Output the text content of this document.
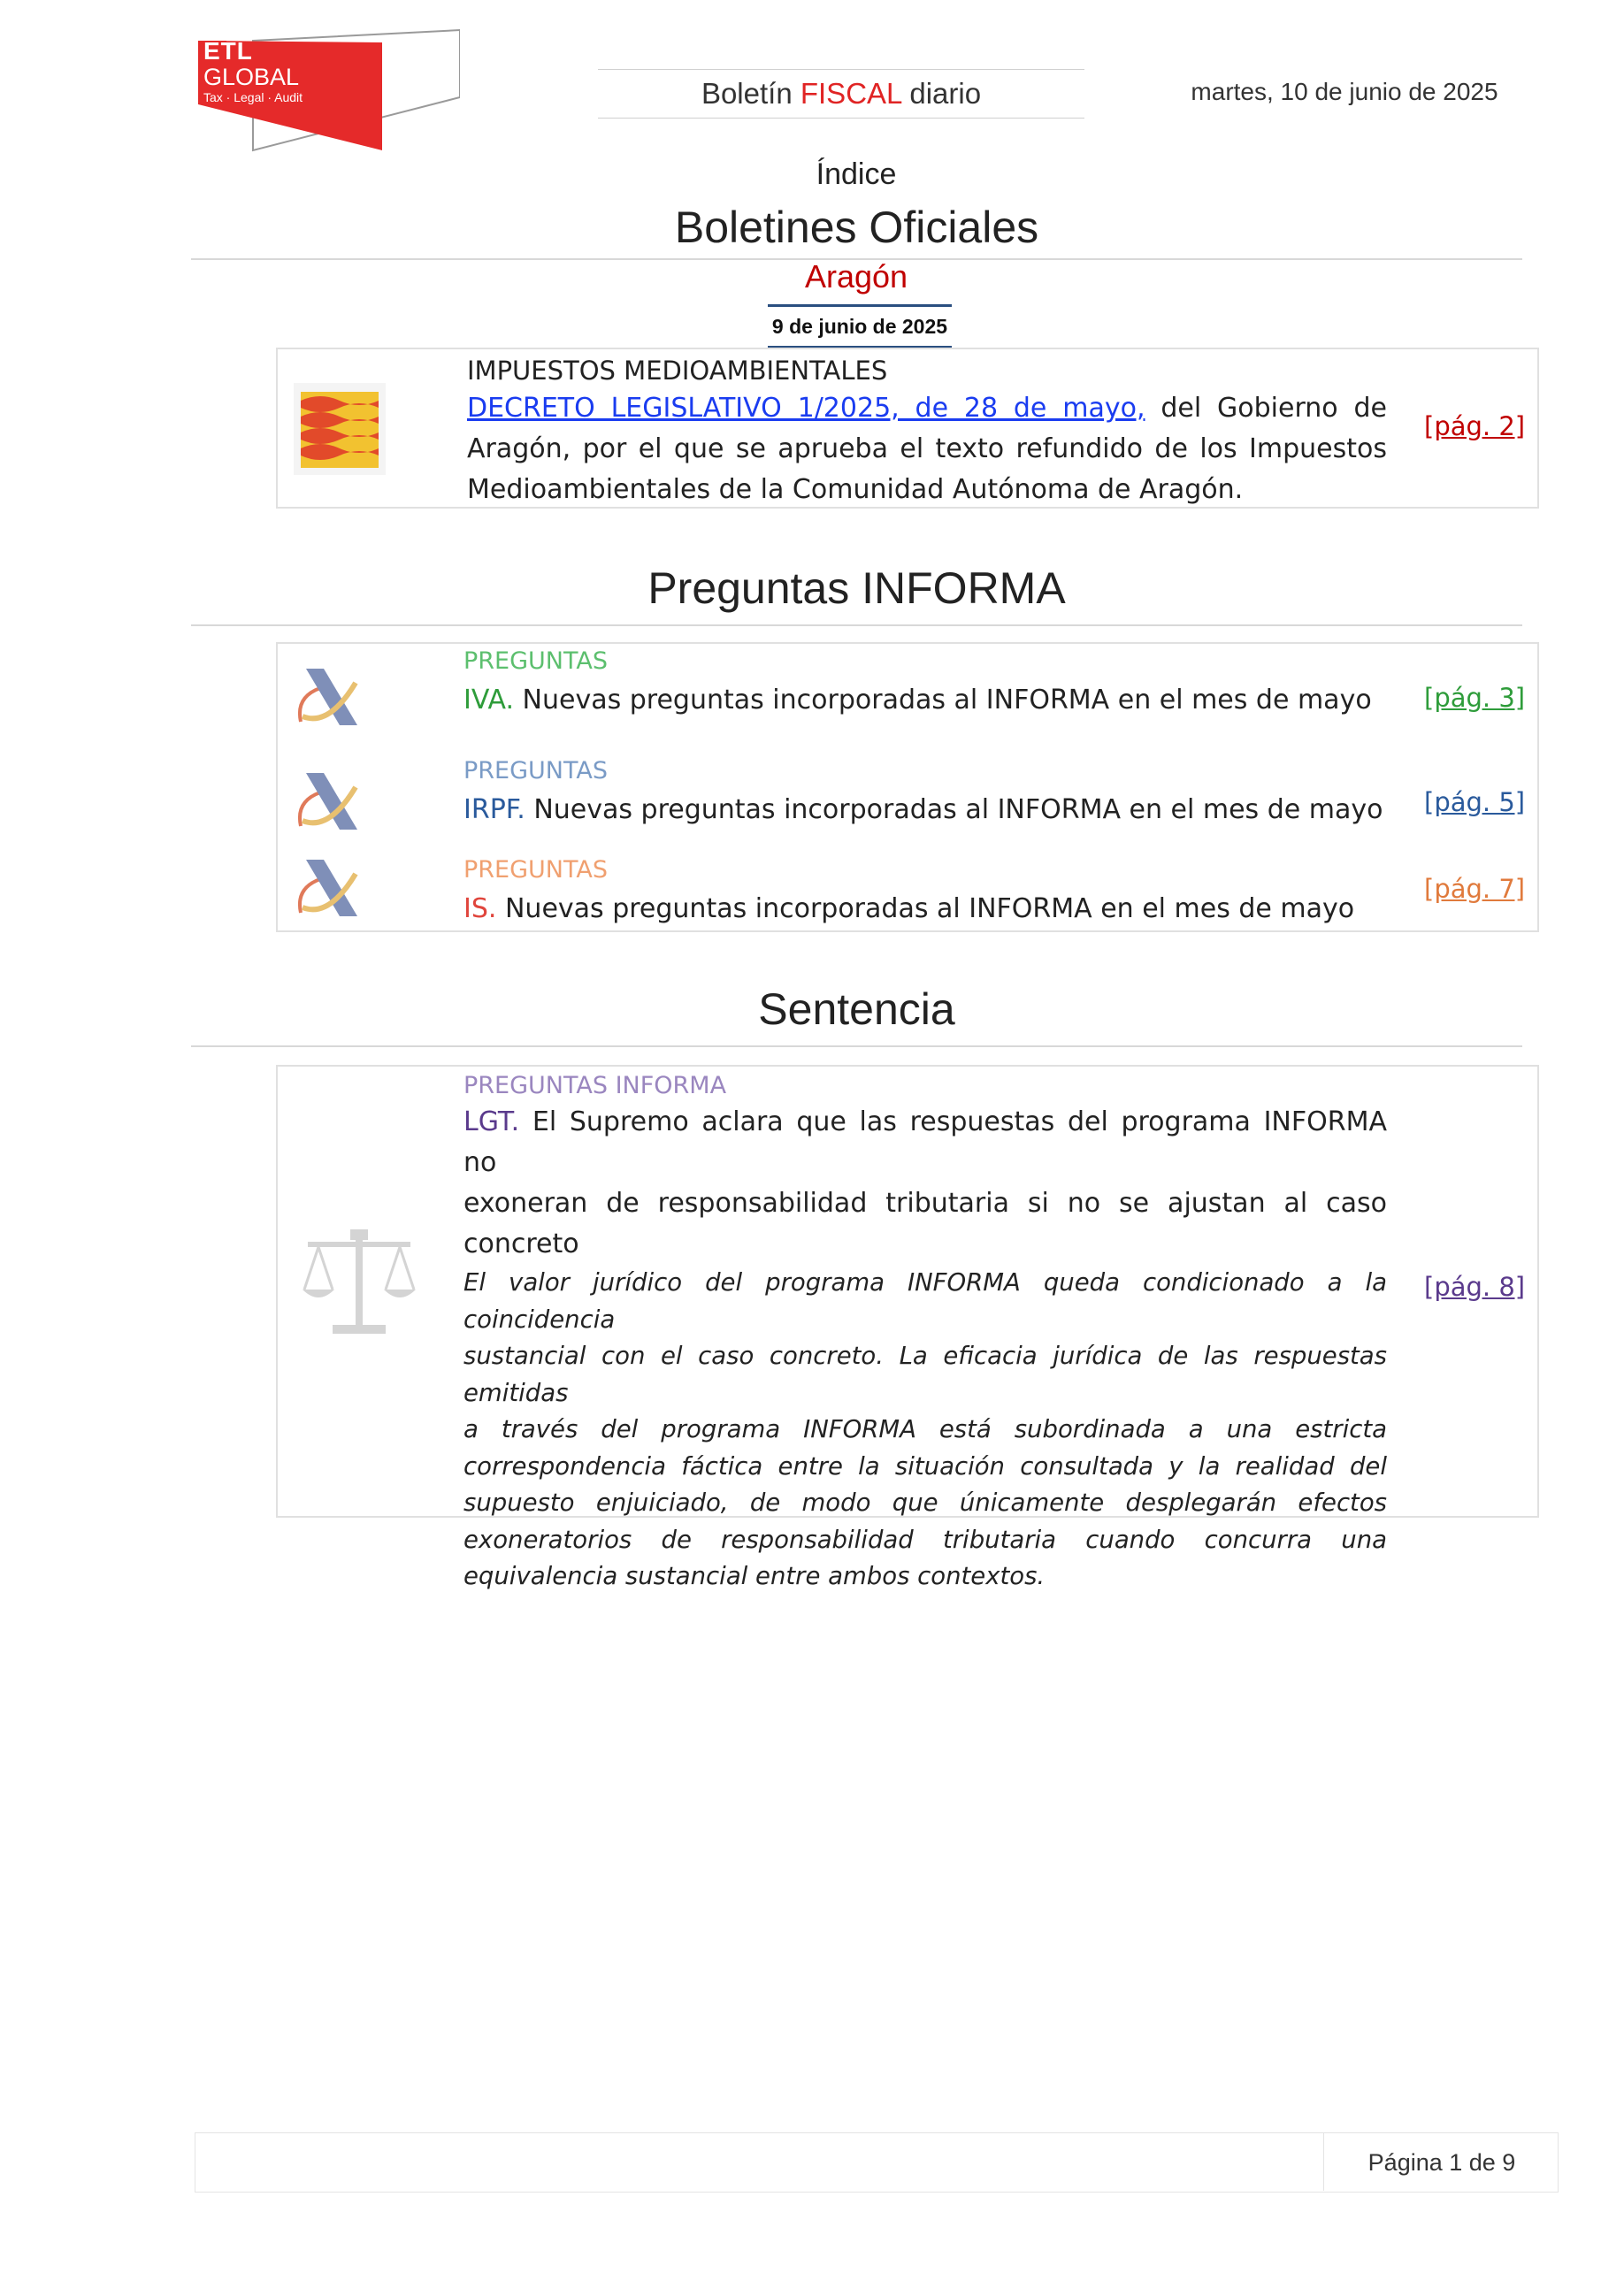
ETL
GLOBAL
Tax · Legal · Audit	Boletín FISCAL diario	martes, 10 de junio de 2025
Índice
Boletines Oficiales
Aragón
9 de junio de 2025
IMPUESTOS MEDIOAMBIENTALES
DECRETO LEGISLATIVO 1/2025, de 28 de mayo, del Gobierno de
Aragón, por el que se aprueba el texto refundido de los Impuestos
Medioambientales de la Comunidad Autónoma de Aragón.
[pág. 2]
Preguntas INFORMA
PREGUNTAS
IVA. Nuevas preguntas incorporadas al INFORMA en el mes de mayo [pág. 3]
PREGUNTAS
IRPF. Nuevas preguntas incorporadas al INFORMA en el mes de mayo [pág. 5]
PREGUNTAS
IS. Nuevas preguntas incorporadas al INFORMA en el mes de mayo
[pág. 7]
Sentencia
PREGUNTAS INFORMA
LGT. El Supremo aclara que las respuestas del programa INFORMA no
exoneran de responsabilidad tributaria si no se ajustan al caso
concreto
El valor jurídico del programa INFORMA queda condicionado a la coincidencia
sustancial con el caso concreto. La eficacia jurídica de las respuestas emitidas
a través del programa INFORMA está subordinada a una estricta
correspondencia fáctica entre la situación consultada y la realidad del
supuesto enjuiciado, de modo que únicamente desplegarán efectos
exoneratorios de responsabilidad tributaria cuando concurra una
equivalencia sustancial entre ambos contextos.
[pág. 8]
Página 1 de 9
